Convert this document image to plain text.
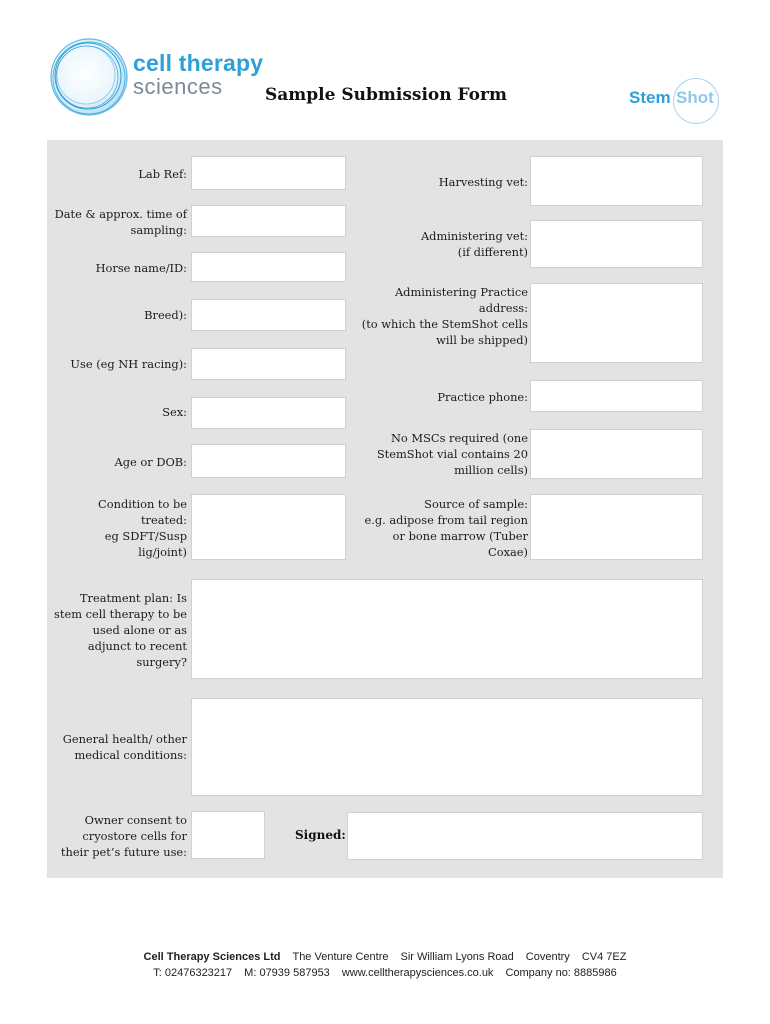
cell therapy
sciences Sample Submission Form	Stem Shot
Lab Ref:
Date & approx. time of
sampling:
Horse name/ID:
Breed):
Use (eg NH racing):
Sex:
Age or DOB:
Condition to be
treated:
eg SDFT/Susp
lig/joint)
Harvesting vet:
Administering vet:
(if different)
Administering Practice
address:
(to which the StemShot cells
will be shipped)
Practice phone:
No MSCs required (one
StemShot vial contains 20
million cells)
Source of sample:
e.g. adipose from tail region
or bone marrow (Tuber
Coxae)
Treatment plan: Is
stem cell therapy to be
used alone or as
adjunct to recent
surgery?
General health/ other
medical conditions:
Owner consent to
cryostore cells for
their pet’s future use:
Signed:
Cell Therapy Sciences Ltd The Venture Centre Sir William Lyons Road Coventry CV4 7EZ
T: 02476323217 M: 07939 587953 www.celltherapysciences.co.uk Company no: 8885986
